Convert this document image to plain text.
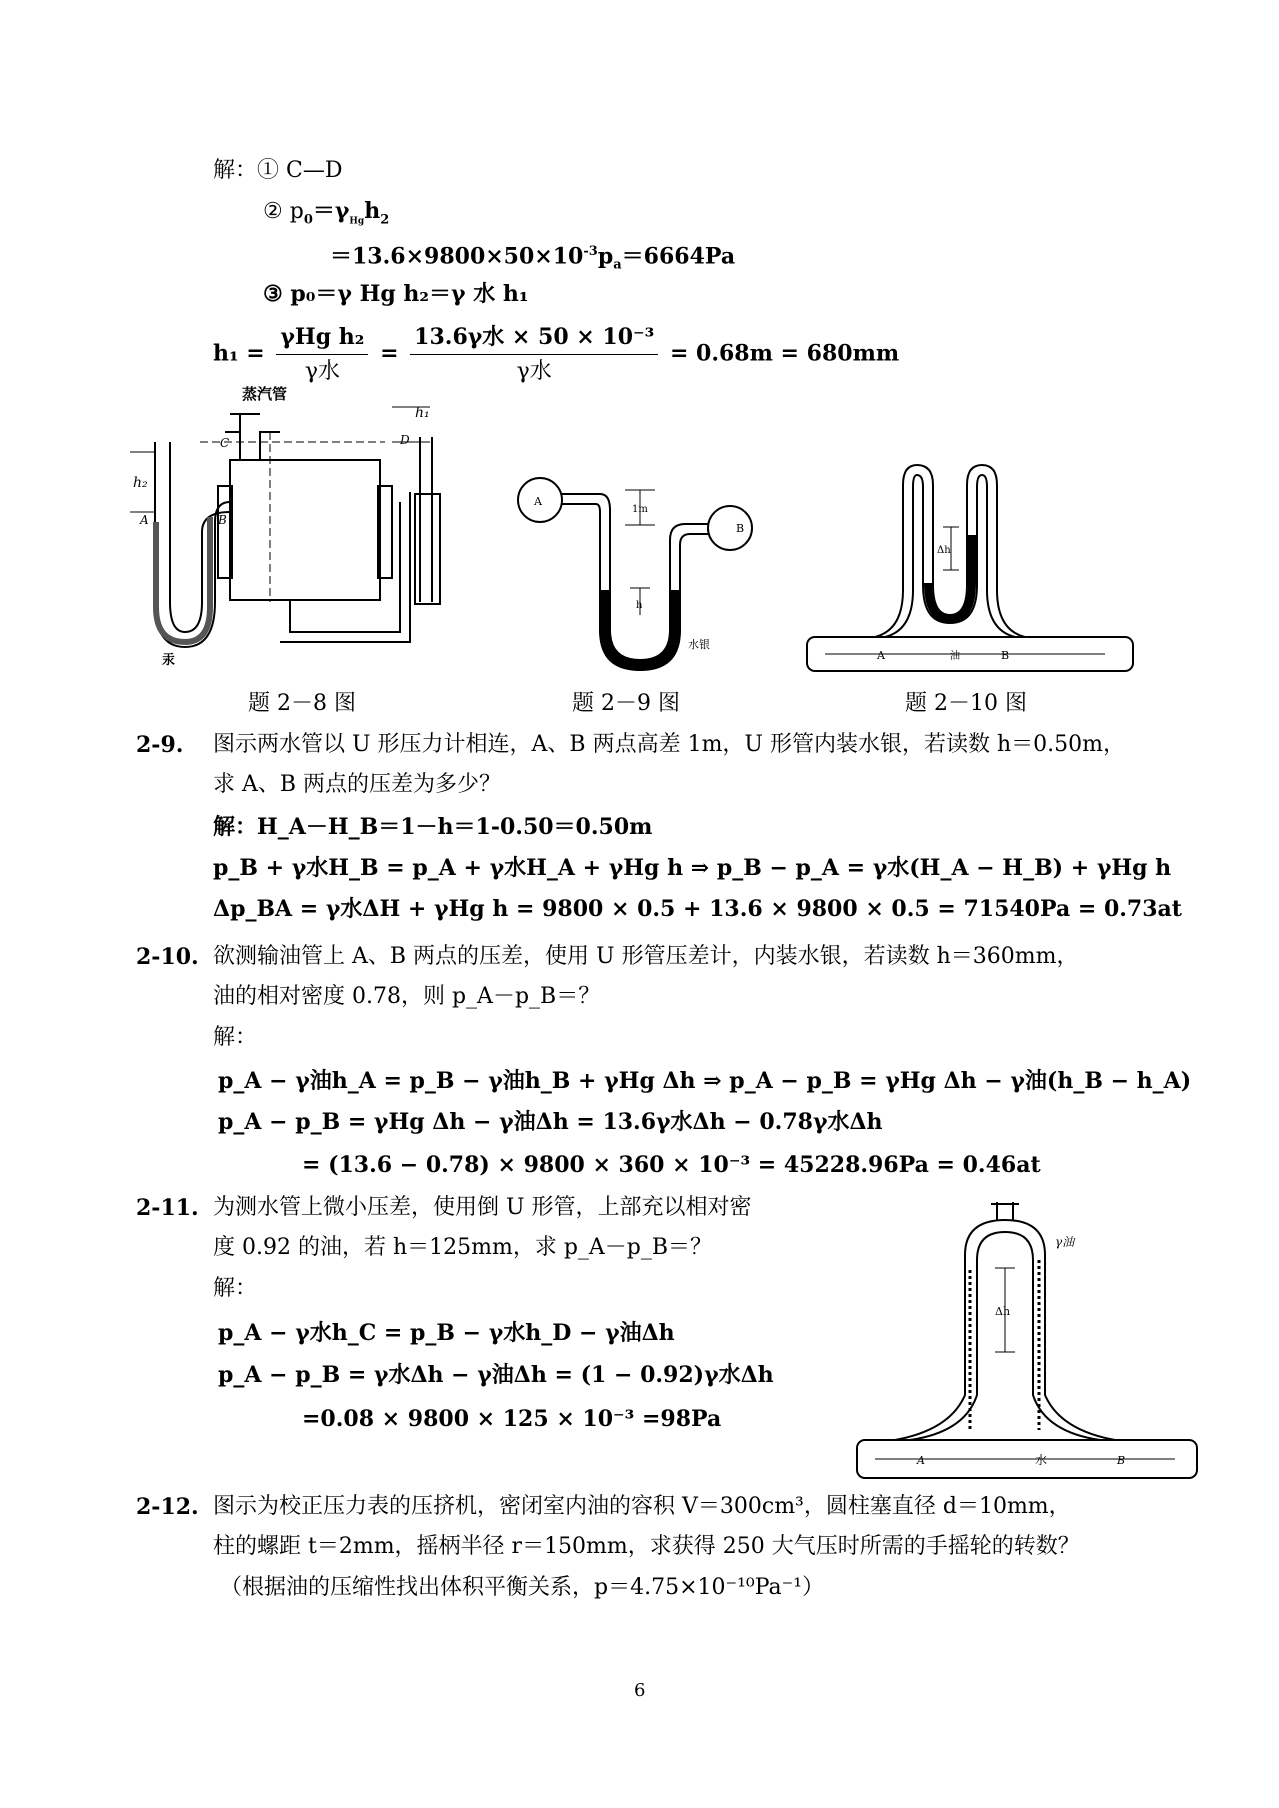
解：① C—D
② $p_0=\gamma_{Hg}h_2$
$=13.6\times 9800\times 50\times 10^{-3}p_a=6664Pa$
③ p₀＝γ Hg h₂＝γ 水 h₁
$h_1 = \frac{\text{γHg h₂}}{\text{γ水}} = \frac{\text{13.6γ水 × 50 × 10⁻³}}{\text{γ水}} = 0.68m = 680mm$
蒸汽管
h₁
h₂
C	D
A	B
汞
A
B
1m
h
水银
Δh
A	B
油
题 2－8 图	题 2－9 图	题 2－10 图
2-9. 图示两水管以 U 形压力计相连，A、B 两点高差 1m，U 形管内装水银，若读数 h＝0.50m，
求 A、B 两点的压差为多少？
解：H_A－H_B＝1－h＝1-0.50＝0.50m
p_B + γ水H_B = p_A + γ水H_A + γHg h ⇒ p_B − p_A = γ水(H_A − H_B) + γHg h
Δp_BA = γ水ΔH + γHg h = 9800 × 0.5 + 13.6 × 9800 × 0.5 = 71540Pa = 0.73at
2-10. 欲测输油管上 A、B 两点的压差，使用 U 形管压差计，内装水银，若读数 h＝360mm，
油的相对密度 0.78，则 p_A－p_B＝？
解：
p_A − γ油h_A = p_B − γ油h_B + γHg Δh ⇒ p_A − p_B = γHg Δh − γ油(h_B − h_A)
p_A − p_B = γHg Δh − γ油Δh = 13.6γ水Δh − 0.78γ水Δh
= (13.6 − 0.78) × 9800 × 360 × 10⁻³ = 45228.96Pa = 0.46at
2-11. 为测水管上微小压差，使用倒 U 形管，上部充以相对密
度 0.92 的油，若 h＝125mm，求 p_A－p_B＝？
解：
p_A − γ水h_C = p_B − γ水h_D − γ油Δh
p_A − p_B = γ水Δh − γ油Δh = (1 − 0.92)γ水Δh
=0.08 × 9800 × 125 × 10⁻³ =98Pa
γ油
Δh
A	B
水
2-12. 图示为校正压力表的压挤机，密闭室内油的容积 V＝300cm³，圆柱塞直径 d＝10mm，
柱的螺距 t＝2mm，摇柄半径 r＝150mm，求获得 250 大气压时所需的手摇轮的转数？
（根据油的压缩性找出体积平衡关系，p＝4.75×10⁻¹⁰Pa⁻¹）
6
